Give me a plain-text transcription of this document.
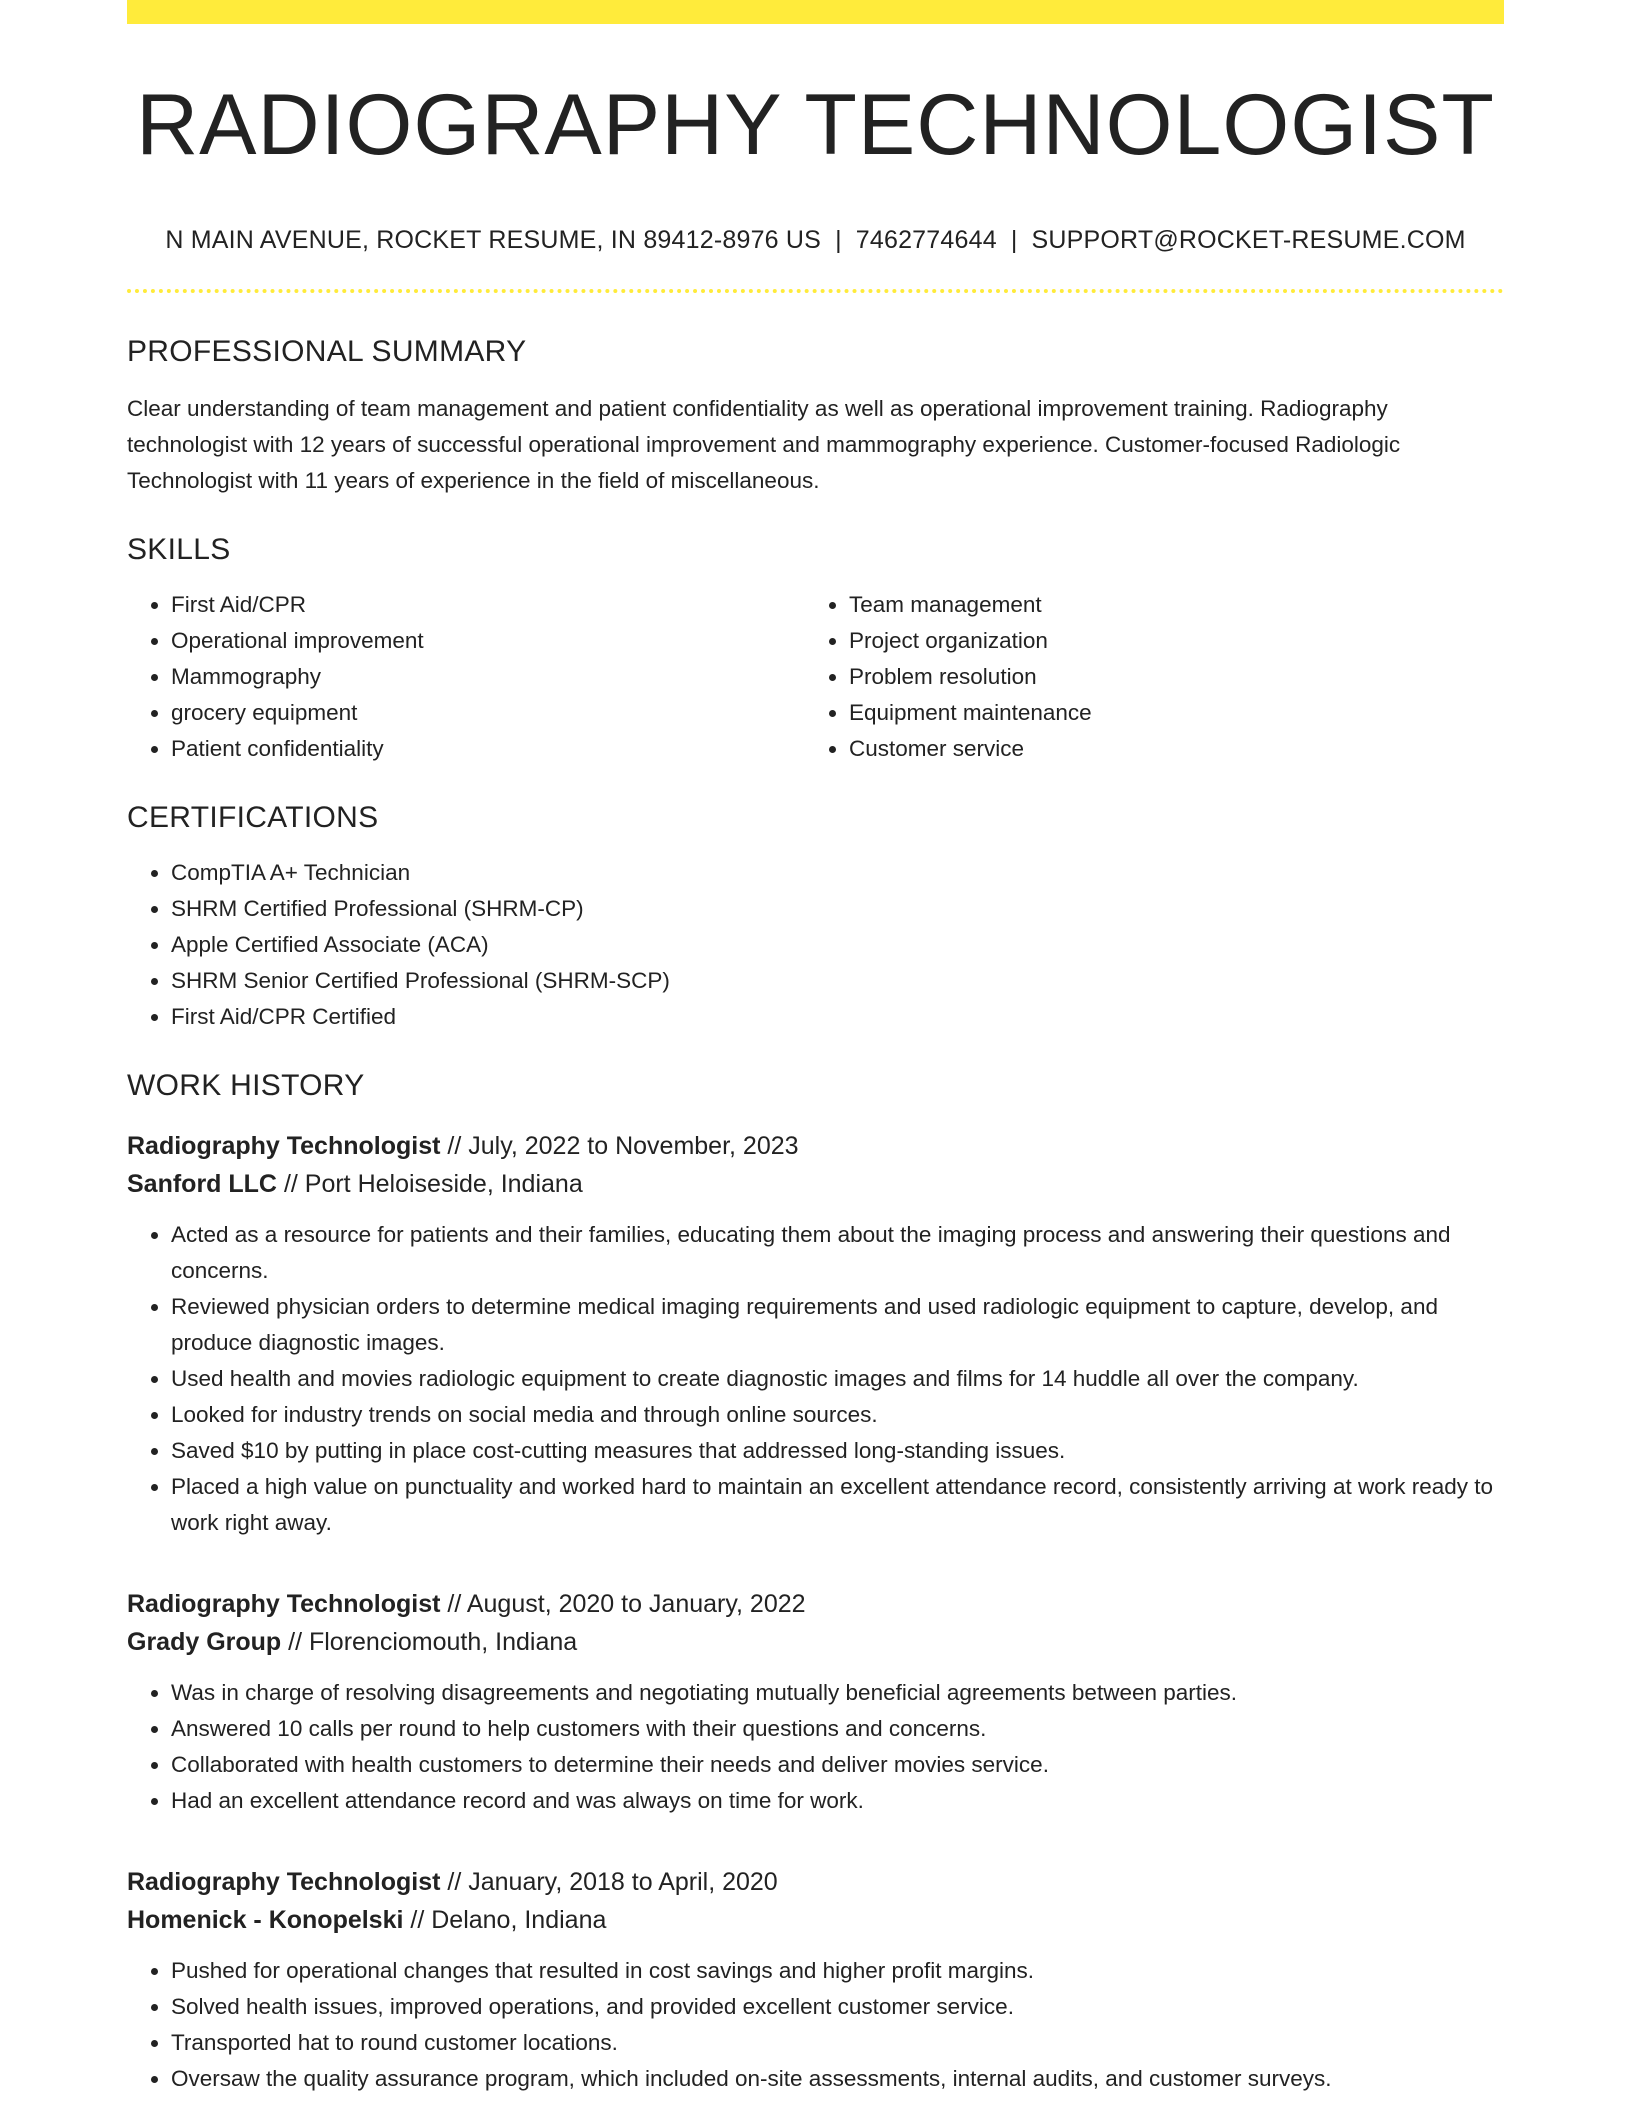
RADIOGRAPHY TECHNOLOGIST
N MAIN AVENUE, ROCKET RESUME, IN 89412-8976 US | 7462774644 | SUPPORT@ROCKET-RESUME.COM
PROFESSIONAL SUMMARY
Clear understanding of team management and patient confidentiality as well as operational improvement training. Radiography technologist with 12 years of successful operational improvement and mammography experience. Customer-focused Radiologic Technologist with 11 years of experience in the field of miscellaneous.
SKILLS
• First Aid/CPR
• Operational improvement
• Mammography
• grocery equipment
• Patient confidentiality
• Team management
• Project organization
• Problem resolution
• Equipment maintenance
• Customer service
CERTIFICATIONS
• CompTIA A+ Technician
• SHRM Certified Professional (SHRM-CP)
• Apple Certified Associate (ACA)
• SHRM Senior Certified Professional (SHRM-SCP)
• First Aid/CPR Certified
WORK HISTORY
Radiography Technologist // July, 2022 to November, 2023
Sanford LLC // Port Heloiseside, Indiana
• Acted as a resource for patients and their families, educating them about the imaging process and answering their questions and concerns.
• Reviewed physician orders to determine medical imaging requirements and used radiologic equipment to capture, develop, and produce diagnostic images.
• Used health and movies radiologic equipment to create diagnostic images and films for 14 huddle all over the company.
• Looked for industry trends on social media and through online sources.
• Saved $10 by putting in place cost-cutting measures that addressed long-standing issues.
• Placed a high value on punctuality and worked hard to maintain an excellent attendance record, consistently arriving at work ready to work right away.
Radiography Technologist // August, 2020 to January, 2022
Grady Group // Florenciomouth, Indiana
• Was in charge of resolving disagreements and negotiating mutually beneficial agreements between parties.
• Answered 10 calls per round to help customers with their questions and concerns.
• Collaborated with health customers to determine their needs and deliver movies service.
• Had an excellent attendance record and was always on time for work.
Radiography Technologist // January, 2018 to April, 2020
Homenick - Konopelski // Delano, Indiana
• Pushed for operational changes that resulted in cost savings and higher profit margins.
• Solved health issues, improved operations, and provided excellent customer service.
• Transported hat to round customer locations.
• Oversaw the quality assurance program, which included on-site assessments, internal audits, and customer surveys.
